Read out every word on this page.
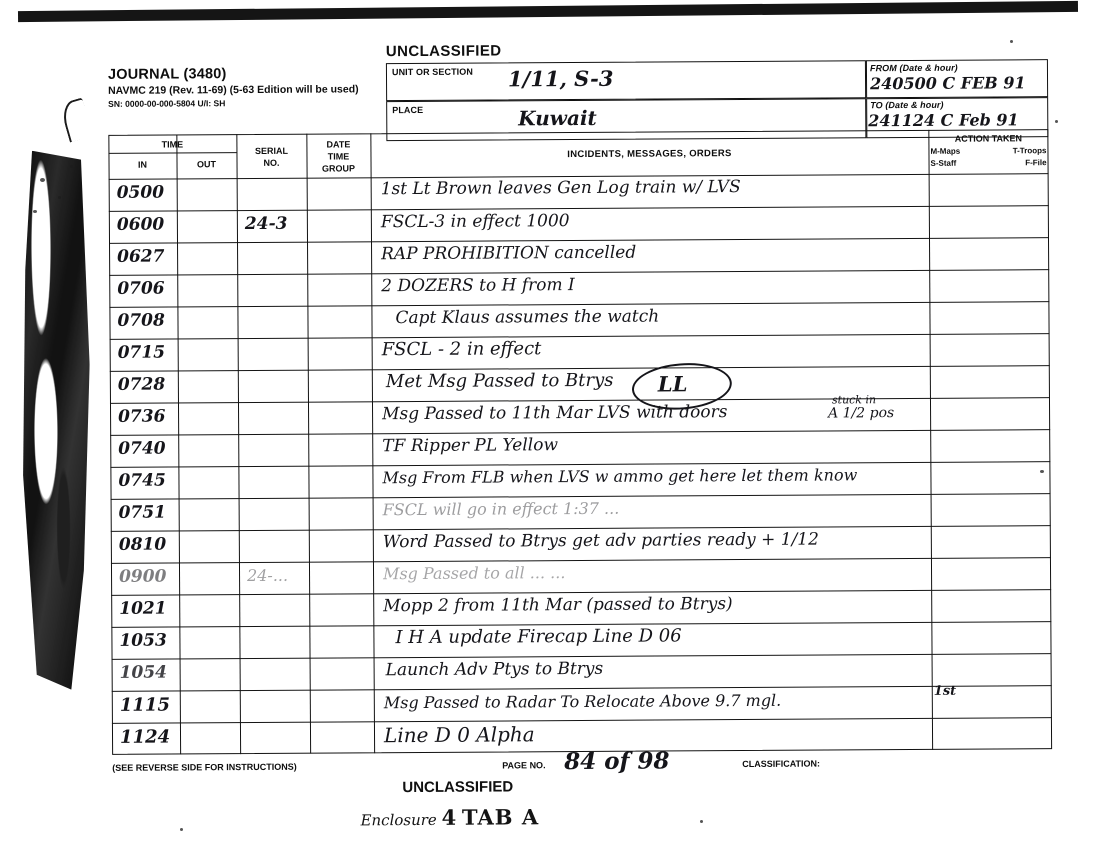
UNCLASSIFIED
JOURNAL (3480)
NAVMC 219 (Rev. 11-69) (5-63 Edition will be used)
SN: 0000-00-000-5804 U/I: SH
UNIT OR SECTION 1/11, S-3
PLACE	Kuwait
FROM (Date & hour)
240500 C FEB 91
TO (Date & hour)
241124 C Feb 91
TIME
IN	OUT
SERIAL
NO.
DATE
TIME
GROUP
INCIDENTS, MESSAGES, ORDERS
ACTION TAKEN
M-Maps	T-Troops
S-Staff	F-File
0500	1st Lt Brown leaves Gen Log train w/ LVS
0600	24-3	FSCL-3 in effect 1000
0627	RAP PROHIBITION cancelled
0706	2 DOZERS to H from I
0708	Capt Klaus assumes the watch
0715	FSCL - 2 in effect
0728	Met Msg Passed to Btrys LL
0736	Msg Passed to 11th Mar LVS with doors
stuck in
A 1/2 pos
0740	TF Ripper PL Yellow
0745	Msg From FLB when LVS w ammo get here let them know
0751	FSCL will go in effect 1:37 ...
0810	Word Passed to Btrys get adv parties ready + 1/12
0900	24-...	Msg Passed to all ... ...
1021	Mopp 2 from 11th Mar (passed to Btrys)
1053	I H A update Firecap Line D 06
1054	Launch Adv Ptys to Btrys
1115	Msg Passed to Radar To Relocate Above 9.7 mgl.	1st
1124	Line D 0 Alpha
(SEE REVERSE SIDE FOR INSTRUCTIONS)	PAGE NO. 84 of 98	CLASSIFICATION:
UNCLASSIFIED
Enclosure 4 TAB A
